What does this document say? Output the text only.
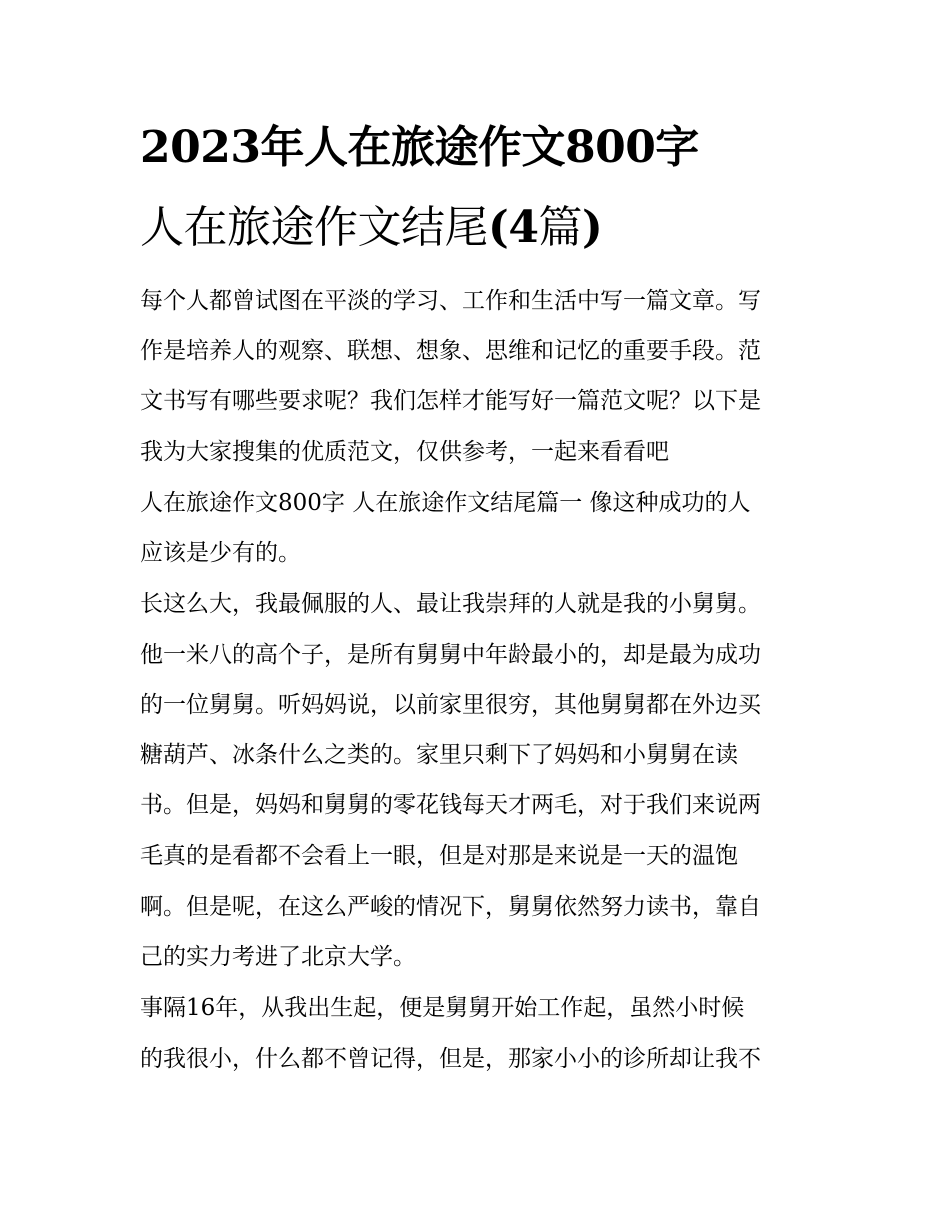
2023年人在旅途作文800字
人在旅途作文结尾(4篇)
每个人都曾试图在平淡的学习、工作和生活中写一篇文章。写
作是培养人的观察、联想、想象、思维和记忆的重要手段。范
文书写有哪些要求呢？我们怎样才能写好一篇范文呢？以下是
我为大家搜集的优质范文，仅供参考，一起来看看吧
人在旅途作文800字 人在旅途作文结尾篇一 像这种成功的人
应该是少有的。
长这么大，我最佩服的人、最让我崇拜的人就是我的小舅舅。
他一米八的高个子，是所有舅舅中年龄最小的，却是最为成功
的一位舅舅。听妈妈说，以前家里很穷，其他舅舅都在外边买
糖葫芦、冰条什么之类的。家里只剩下了妈妈和小舅舅在读
书。但是，妈妈和舅舅的零花钱每天才两毛，对于我们来说两
毛真的是看都不会看上一眼，但是对那是来说是一天的温饱
啊。但是呢，在这么严峻的情况下，舅舅依然努力读书，靠自
己的实力考进了北京大学。
事隔16年，从我出生起，便是舅舅开始工作起，虽然小时候
的我很小，什么都不曾记得，但是，那家小小的诊所却让我不
